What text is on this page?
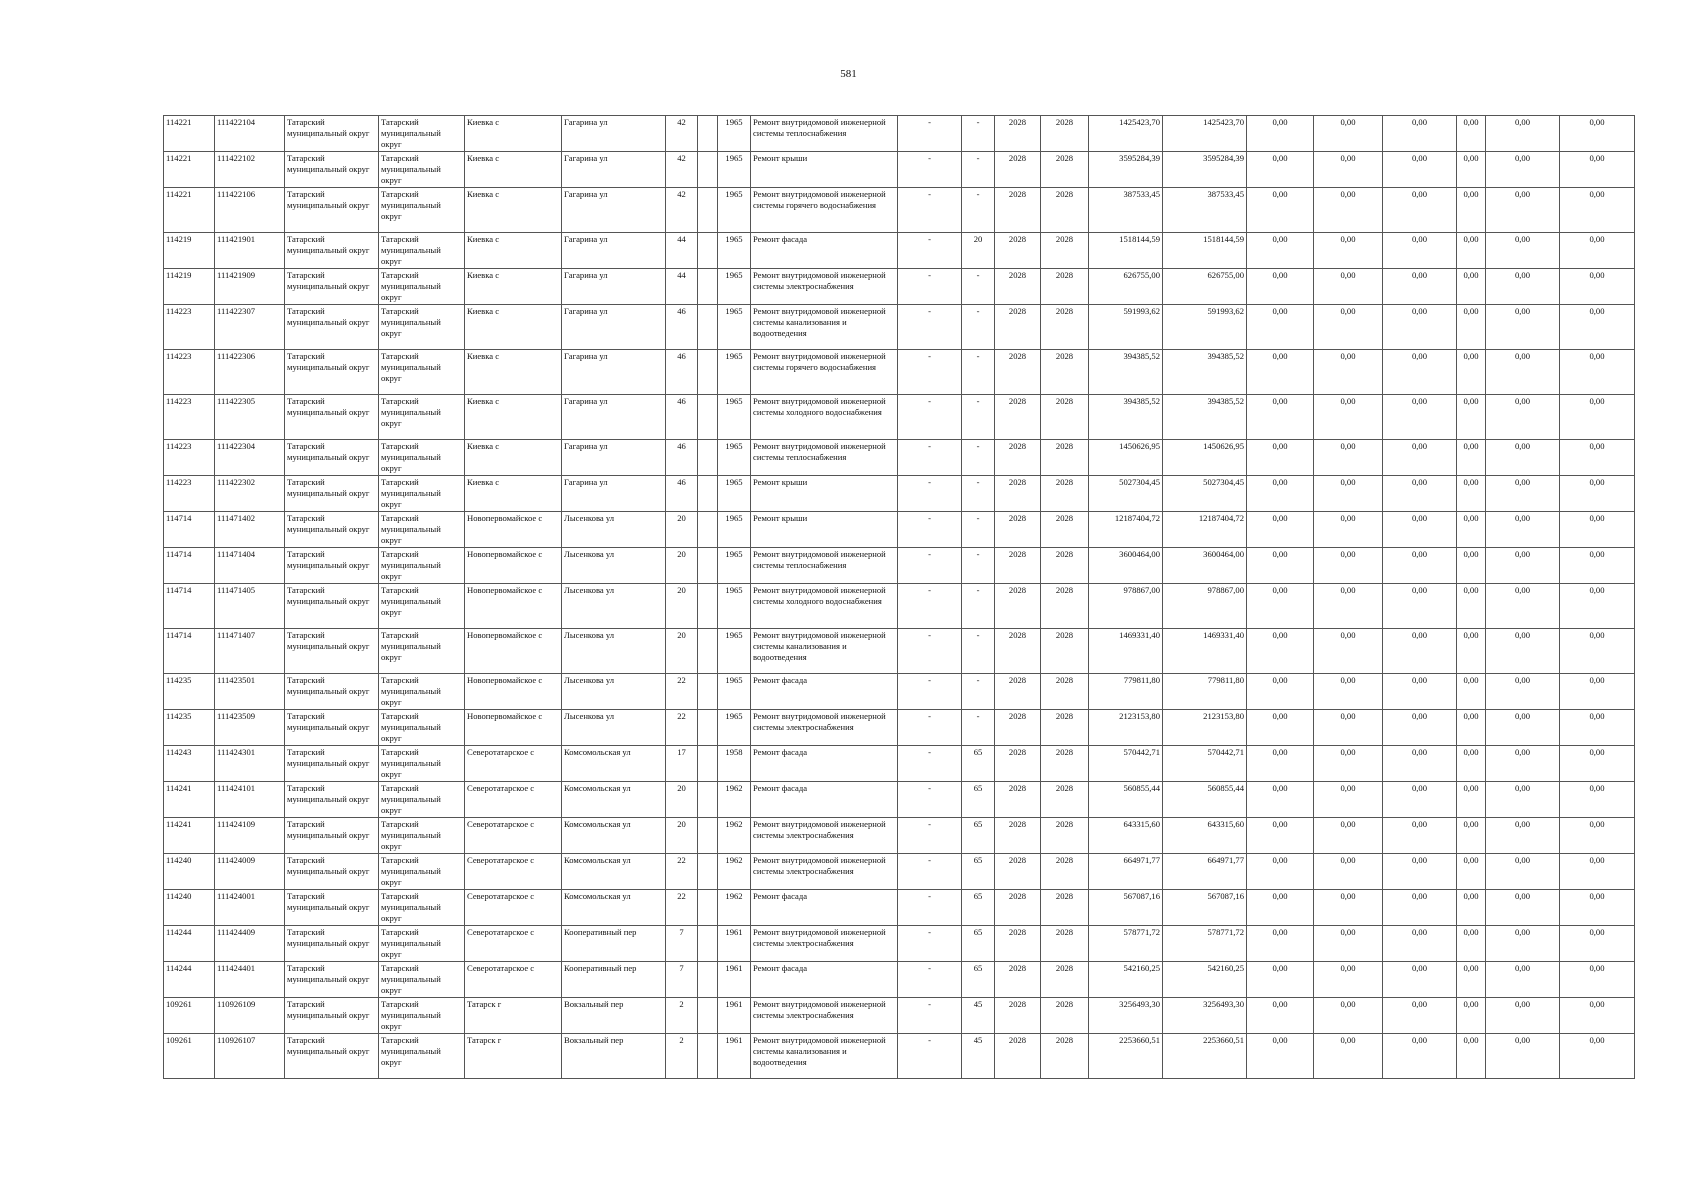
581
114221	111422104	Татарский муниципальный округ	Татарский муниципальный округ	Киевка с	Гагарина ул	42		1965	Ремонт внутридомовой инженерной системы теплоснабжения	-	-	2028	2028	1425423,70	1425423,70	0,00	0,00	0,00	0,00	0,00	0,00
114221	111422102	Татарский муниципальный округ	Татарский муниципальный округ	Киевка с	Гагарина ул	42		1965	Ремонт крыши	-	-	2028	2028	3595284,39	3595284,39	0,00	0,00	0,00	0,00	0,00	0,00
114221	111422106	Татарский муниципальный округ	Татарский муниципальный округ	Киевка с	Гагарина ул	42		1965	Ремонт внутридомовой инженерной системы горячего водоснабжения	-	-	2028	2028	387533,45	387533,45	0,00	0,00	0,00	0,00	0,00	0,00
114219	111421901	Татарский муниципальный округ	Татарский муниципальный округ	Киевка с	Гагарина ул	44		1965	Ремонт фасада	-	20	2028	2028	1518144,59	1518144,59	0,00	0,00	0,00	0,00	0,00	0,00
114219	111421909	Татарский муниципальный округ	Татарский муниципальный округ	Киевка с	Гагарина ул	44		1965	Ремонт внутридомовой инженерной системы электроснабжения	-	-	2028	2028	626755,00	626755,00	0,00	0,00	0,00	0,00	0,00	0,00
114223	111422307	Татарский муниципальный округ	Татарский муниципальный округ	Киевка с	Гагарина ул	46		1965	Ремонт внутридомовой инженерной системы канализования и водоотведения	-	-	2028	2028	591993,62	591993,62	0,00	0,00	0,00	0,00	0,00	0,00
114223	111422306	Татарский муниципальный округ	Татарский муниципальный округ	Киевка с	Гагарина ул	46		1965	Ремонт внутридомовой инженерной системы горячего водоснабжения	-	-	2028	2028	394385,52	394385,52	0,00	0,00	0,00	0,00	0,00	0,00
114223	111422305	Татарский муниципальный округ	Татарский муниципальный округ	Киевка с	Гагарина ул	46		1965	Ремонт внутридомовой инженерной системы холодного водоснабжения	-	-	2028	2028	394385,52	394385,52	0,00	0,00	0,00	0,00	0,00	0,00
114223	111422304	Татарский муниципальный округ	Татарский муниципальный округ	Киевка с	Гагарина ул	46		1965	Ремонт внутридомовой инженерной системы теплоснабжения	-	-	2028	2028	1450626,95	1450626,95	0,00	0,00	0,00	0,00	0,00	0,00
114223	111422302	Татарский муниципальный округ	Татарский муниципальный округ	Киевка с	Гагарина ул	46		1965	Ремонт крыши	-	-	2028	2028	5027304,45	5027304,45	0,00	0,00	0,00	0,00	0,00	0,00
114714	111471402	Татарский муниципальный округ	Татарский муниципальный округ	Новопервомайское с	Лысенкова ул	20		1965	Ремонт крыши	-	-	2028	2028	12187404,72	12187404,72	0,00	0,00	0,00	0,00	0,00	0,00
114714	111471404	Татарский муниципальный округ	Татарский муниципальный округ	Новопервомайское с	Лысенкова ул	20		1965	Ремонт внутридомовой инженерной системы теплоснабжения	-	-	2028	2028	3600464,00	3600464,00	0,00	0,00	0,00	0,00	0,00	0,00
114714	111471405	Татарский муниципальный округ	Татарский муниципальный округ	Новопервомайское с	Лысенкова ул	20		1965	Ремонт внутридомовой инженерной системы холодного водоснабжения	-	-	2028	2028	978867,00	978867,00	0,00	0,00	0,00	0,00	0,00	0,00
114714	111471407	Татарский муниципальный округ	Татарский муниципальный округ	Новопервомайское с	Лысенкова ул	20		1965	Ремонт внутридомовой инженерной системы канализования и водоотведения	-	-	2028	2028	1469331,40	1469331,40	0,00	0,00	0,00	0,00	0,00	0,00
114235	111423501	Татарский муниципальный округ	Татарский муниципальный округ	Новопервомайское с	Лысенкова ул	22		1965	Ремонт фасада	-	-	2028	2028	779811,80	779811,80	0,00	0,00	0,00	0,00	0,00	0,00
114235	111423509	Татарский муниципальный округ	Татарский муниципальный округ	Новопервомайское с	Лысенкова ул	22		1965	Ремонт внутридомовой инженерной системы электроснабжения	-	-	2028	2028	2123153,80	2123153,80	0,00	0,00	0,00	0,00	0,00	0,00
114243	111424301	Татарский муниципальный округ	Татарский муниципальный округ	Северотатарское с	Комсомольская ул	17		1958	Ремонт фасада	-	65	2028	2028	570442,71	570442,71	0,00	0,00	0,00	0,00	0,00	0,00
114241	111424101	Татарский муниципальный округ	Татарский муниципальный округ	Северотатарское с	Комсомольская ул	20		1962	Ремонт фасада	-	65	2028	2028	560855,44	560855,44	0,00	0,00	0,00	0,00	0,00	0,00
114241	111424109	Татарский муниципальный округ	Татарский муниципальный округ	Северотатарское с	Комсомольская ул	20		1962	Ремонт внутридомовой инженерной системы электроснабжения	-	65	2028	2028	643315,60	643315,60	0,00	0,00	0,00	0,00	0,00	0,00
114240	111424009	Татарский муниципальный округ	Татарский муниципальный округ	Северотатарское с	Комсомольская ул	22		1962	Ремонт внутридомовой инженерной системы электроснабжения	-	65	2028	2028	664971,77	664971,77	0,00	0,00	0,00	0,00	0,00	0,00
114240	111424001	Татарский муниципальный округ	Татарский муниципальный округ	Северотатарское с	Комсомольская ул	22		1962	Ремонт фасада	-	65	2028	2028	567087,16	567087,16	0,00	0,00	0,00	0,00	0,00	0,00
114244	111424409	Татарский муниципальный округ	Татарский муниципальный округ	Северотатарское с	Кооперативный пер	7		1961	Ремонт внутридомовой инженерной системы электроснабжения	-	65	2028	2028	578771,72	578771,72	0,00	0,00	0,00	0,00	0,00	0,00
114244	111424401	Татарский муниципальный округ	Татарский муниципальный округ	Северотатарское с	Кооперативный пер	7		1961	Ремонт фасада	-	65	2028	2028	542160,25	542160,25	0,00	0,00	0,00	0,00	0,00	0,00
109261	110926109	Татарский муниципальный округ	Татарский муниципальный округ	Татарск г	Вокзальный пер	2		1961	Ремонт внутридомовой инженерной системы электроснабжения	-	45	2028	2028	3256493,30	3256493,30	0,00	0,00	0,00	0,00	0,00	0,00
109261	110926107	Татарский муниципальный округ	Татарский муниципальный округ	Татарск г	Вокзальный пер	2		1961	Ремонт внутридомовой инженерной системы канализования и водоотведения	-	45	2028	2028	2253660,51	2253660,51	0,00	0,00	0,00	0,00	0,00	0,00
